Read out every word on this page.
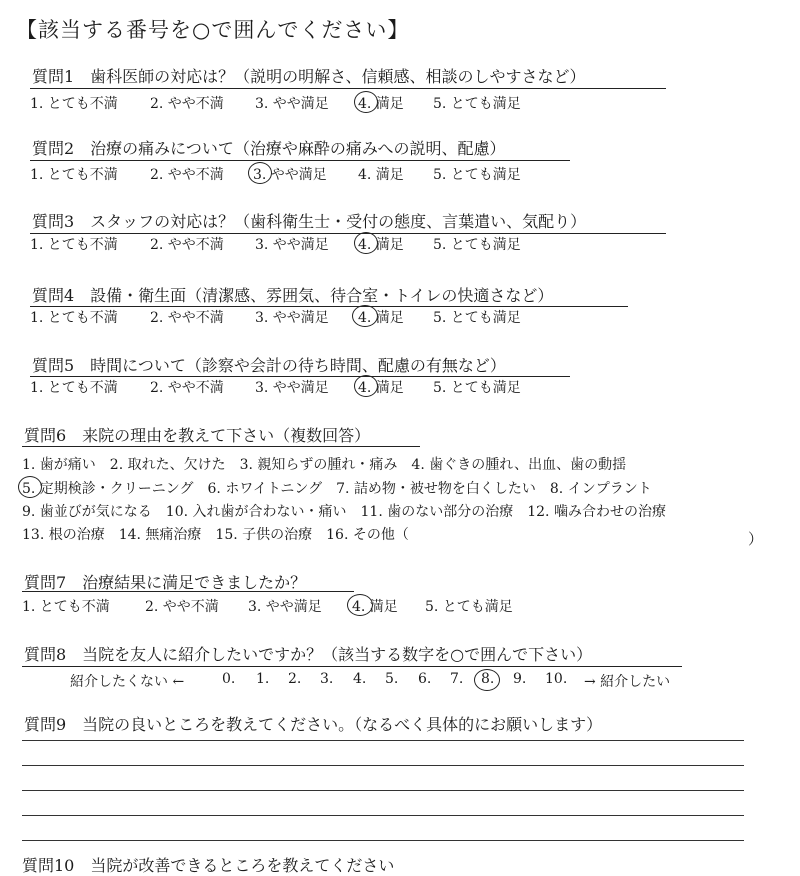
【該当する番号を○で囲んでください】
質問1　歯科医師の対応は？（説明の明解さ、信頼感、相談のしやすさなど）
1. とても不満 2. やや不満 3. やや満足 4. 満足 5. とても満足
質問2　治療の痛みについて（治療や麻酔の痛みへの説明、配慮）
1. とても不満 2. やや不満 3. やや満足 4. 満足 5. とても満足
質問3　スタッフの対応は？（歯科衛生士・受付の態度、言葉遣い、気配り）
1. とても不満 2. やや不満 3. やや満足 4. 満足 5. とても満足
質問4　設備・衛生面（清潔感、雰囲気、待合室・トイレの快適さなど）
1. とても不満 2. やや不満 3. やや満足 4. 満足 5. とても満足
質問5　時間について（診察や会計の待ち時間、配慮の有無など）
1. とても不満 2. やや不満 3. やや満足 4. 満足 5. とても満足
質問6　来院の理由を教えて下さい（複数回答）
1. 歯が痛い　2. 取れた、欠けた　3. 親知らずの腫れ・痛み　4. 歯ぐきの腫れ、出血、歯の動揺
5. 定期検診・クリーニング　6. ホワイトニング　7. 詰め物・被せ物を白くしたい　8. インプラント
9. 歯並びが気になる　10. 入れ歯が合わない・痛い　11. 歯のない部分の治療　12. 噛み合わせの治療
13. 根の治療　14. 無痛治療　15. 子供の治療　16. その他（	）
質問7　治療結果に満足できましたか？
1. とても不満	2. やや不満 3. やや満足 4. 満足 5. とても満足
質問8　当院を友人に紹介したいですか？（該当する数字を○で囲んで下さい）
紹介したくない ←	0. 1. 2. 3. 4. 5. 6. 7. 8. 9. 10. → 紹介したい
質問9　当院の良いところを教えてください。（なるべく具体的にお願いします）
質問10　当院が改善できるところを教えてください
